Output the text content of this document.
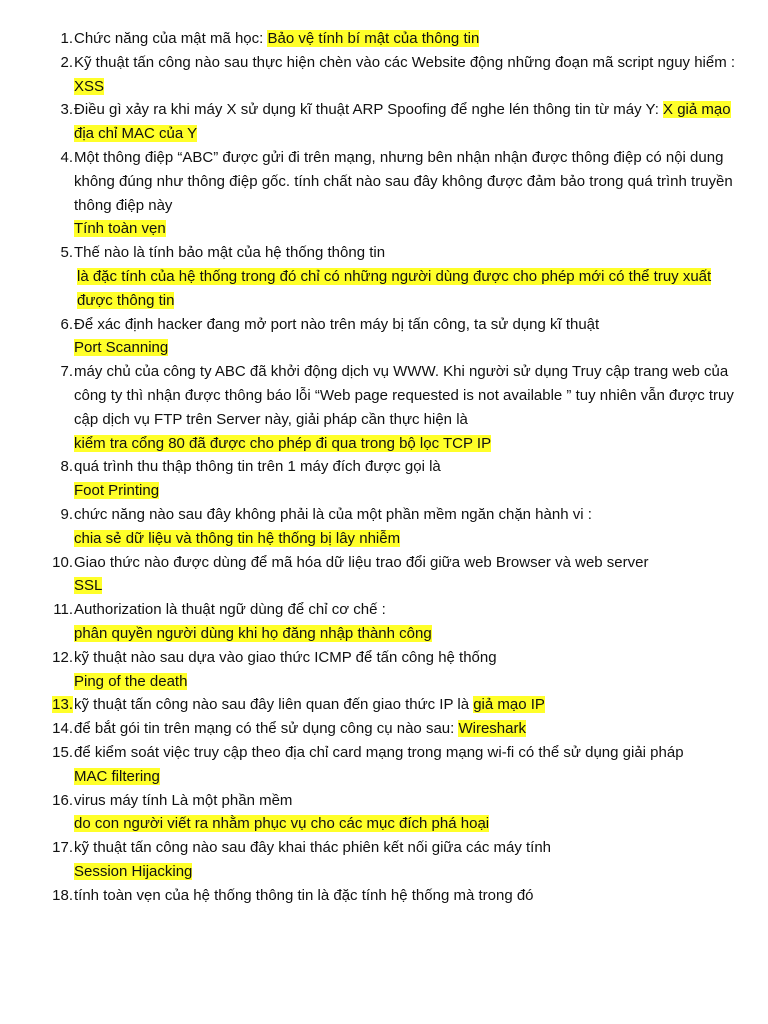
1. Chức năng của mật mã học: Bảo vệ tính bí mật của thông tin
2. Kỹ thuật tấn công nào sau thực hiện chèn vào các Website động những đoạn mã script nguy hiểm : XSS
3. Điều gì xảy ra khi máy X sử dụng kĩ thuật ARP Spoofing để nghe lén thông tin từ máy Y: X giả mạo địa chỉ MAC của Y
4. Một thông điệp “ABC” được gửi đi trên mạng, nhưng bên nhận nhận được thông điệp có nội dung không đúng như thông điệp gốc. tính chất nào sau đây không được đảm bảo trong quá trình truyền thông điệp này
Tính toàn vẹn
5. Thế nào là tính bảo mật của hệ thống thông tin
là đặc tính của hệ thống trong đó chỉ có những người dùng được cho phép mới có thể truy xuất được thông tin
6. Để xác định hacker đang mở port nào trên máy bị tấn công, ta sử dụng kĩ thuật
Port Scanning
7. máy chủ của công ty ABC đã khởi động dịch vụ WWW. Khi người sử dụng Truy cập trang web của công ty thì nhận được thông báo lỗi “Web page requested is not available ” tuy nhiên vẫn được truy cập dịch vụ FTP trên Server này, giải pháp cần thực hiện là
kiểm tra cổng 80 đã được cho phép đi qua trong bộ lọc TCP IP
8. quá trình thu thập thông tin trên 1 máy đích được gọi là
Foot Printing
9. chức năng nào sau đây không phải là của một phần mềm ngăn chặn hành vi :
chia sẻ dữ liệu và thông tin hệ thống bị lây nhiễm
10. Giao thức nào được dùng để mã hóa dữ liệu trao đổi giữa web Browser và web server
SSL
11. Authorization là thuật ngữ dùng để chỉ cơ chế :
phân quyền người dùng khi họ đăng nhập thành công
12. kỹ thuật nào sau dựa vào giao thức ICMP để tấn công hệ thống
Ping of the death
13. kỹ thuật tấn công nào sau đây liên quan đến giao thức IP là giả mạo IP
14. để bắt gói tin trên mạng có thể sử dụng công cụ nào sau: Wireshark
15. để kiểm soát việc truy cập theo địa chỉ card mạng trong mạng wi-fi có thể sử dụng giải pháp
MAC filtering
16. virus máy tính Là một phần mềm
do con người viết ra nhằm phục vụ cho các mục đích phá hoại
17. kỹ thuật tấn công nào sau đây khai thác phiên kết nối giữa các máy tính
Session Hijacking
18. tính toàn vẹn của hệ thống thông tin là đặc tính hệ thống mà trong đó
